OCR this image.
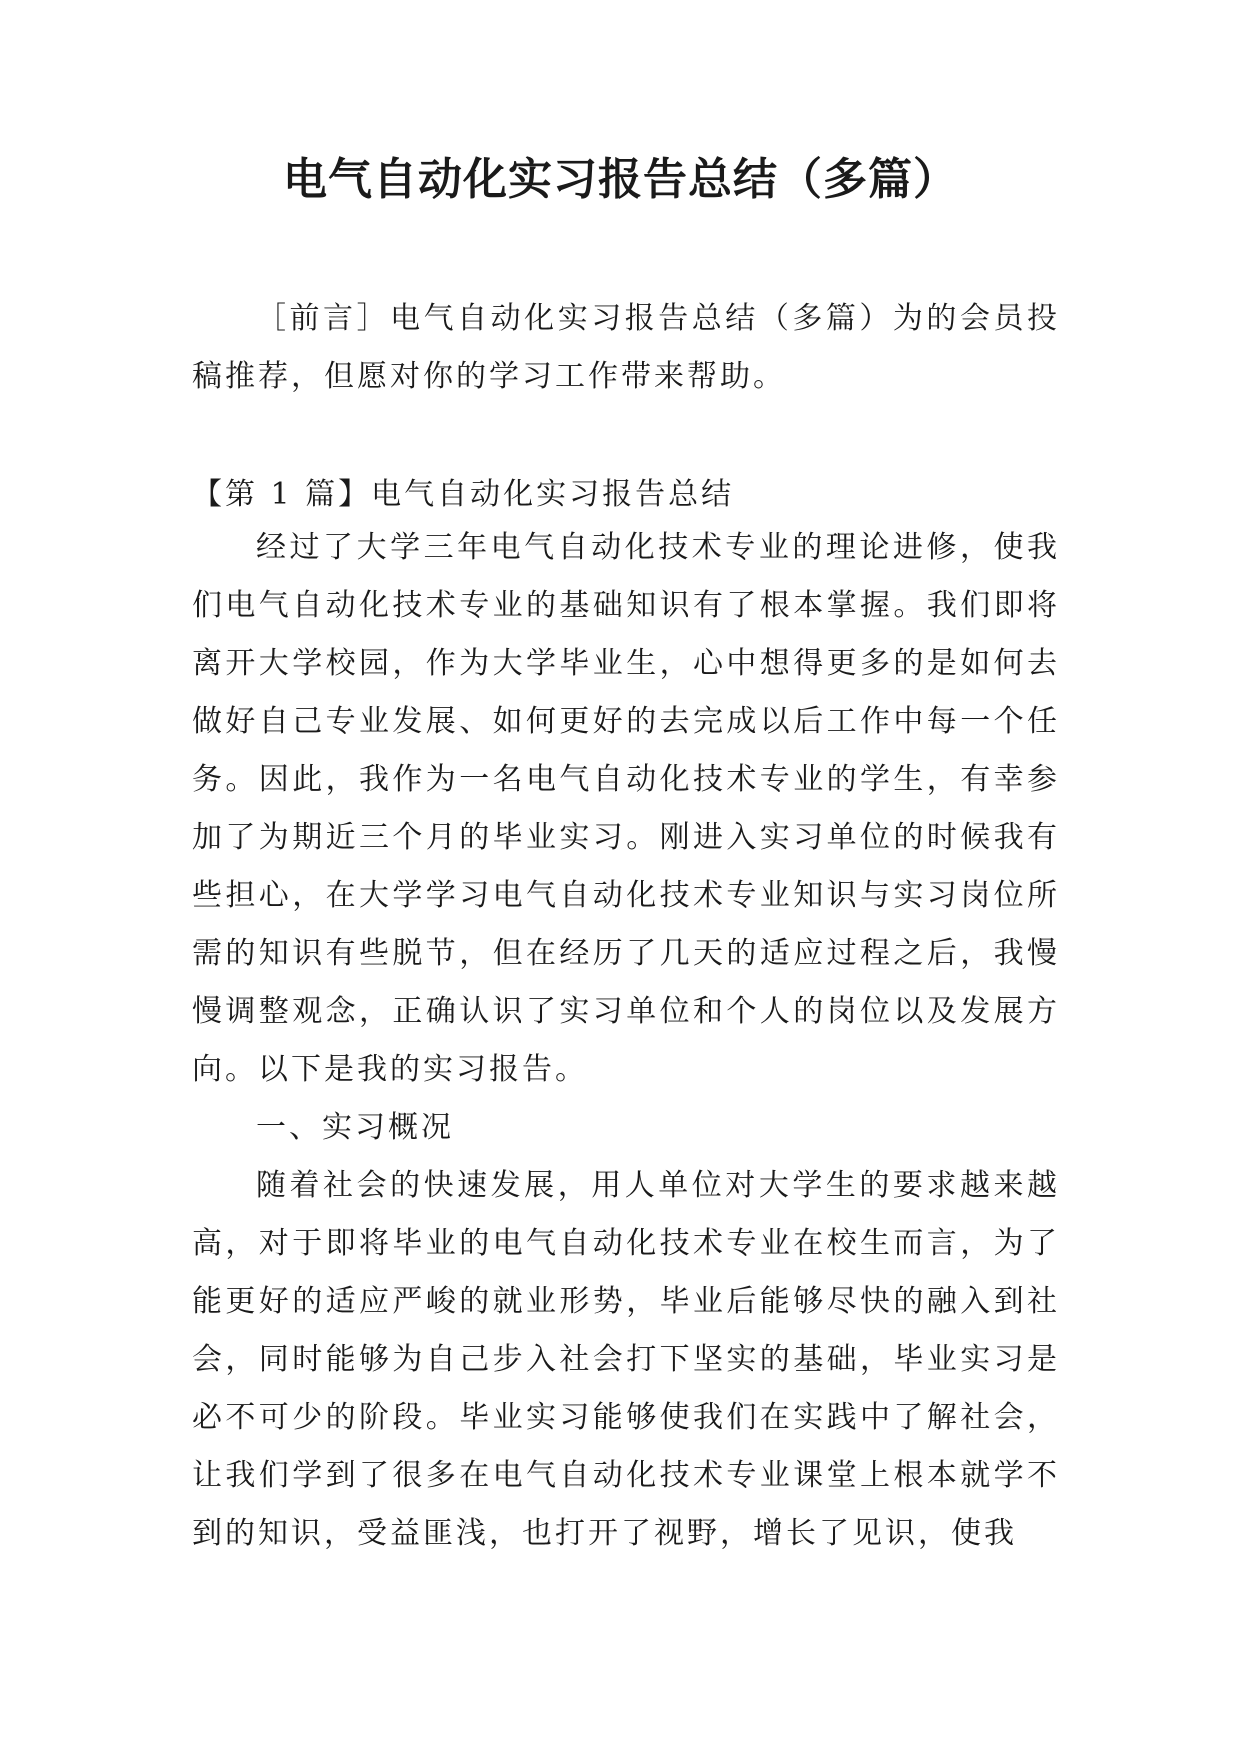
电气自动化实习报告总结（多篇）

［前言］电气自动化实习报告总结（多篇）为的会员投稿推荐，但愿对你的学习工作带来帮助。

【第 1 篇】电气自动化实习报告总结

经过了大学三年电气自动化技术专业的理论进修，使我们电气自动化技术专业的基础知识有了根本掌握。我们即将离开大学校园，作为大学毕业生，心中想得更多的是如何去做好自己专业发展、如何更好的去完成以后工作中每一个任务。因此，我作为一名电气自动化技术专业的学生，有幸参加了为期近三个月的毕业实习。刚进入实习单位的时候我有些担心，在大学学习电气自动化技术专业知识与实习岗位所需的知识有些脱节，但在经历了几天的适应过程之后，我慢慢调整观念，正确认识了实习单位和个人的岗位以及发展方向。以下是我的实习报告。

一、实习概况

随着社会的快速发展，用人单位对大学生的要求越来越高，对于即将毕业的电气自动化技术专业在校生而言，为了能更好的适应严峻的就业形势，毕业后能够尽快的融入到社会，同时能够为自己步入社会打下坚实的基础，毕业实习是必不可少的阶段。毕业实习能够使我们在实践中了解社会，让我们学到了很多在电气自动化技术专业课堂上根本就学不到的知识，受益匪浅，也打开了视野，增长了见识，使我
